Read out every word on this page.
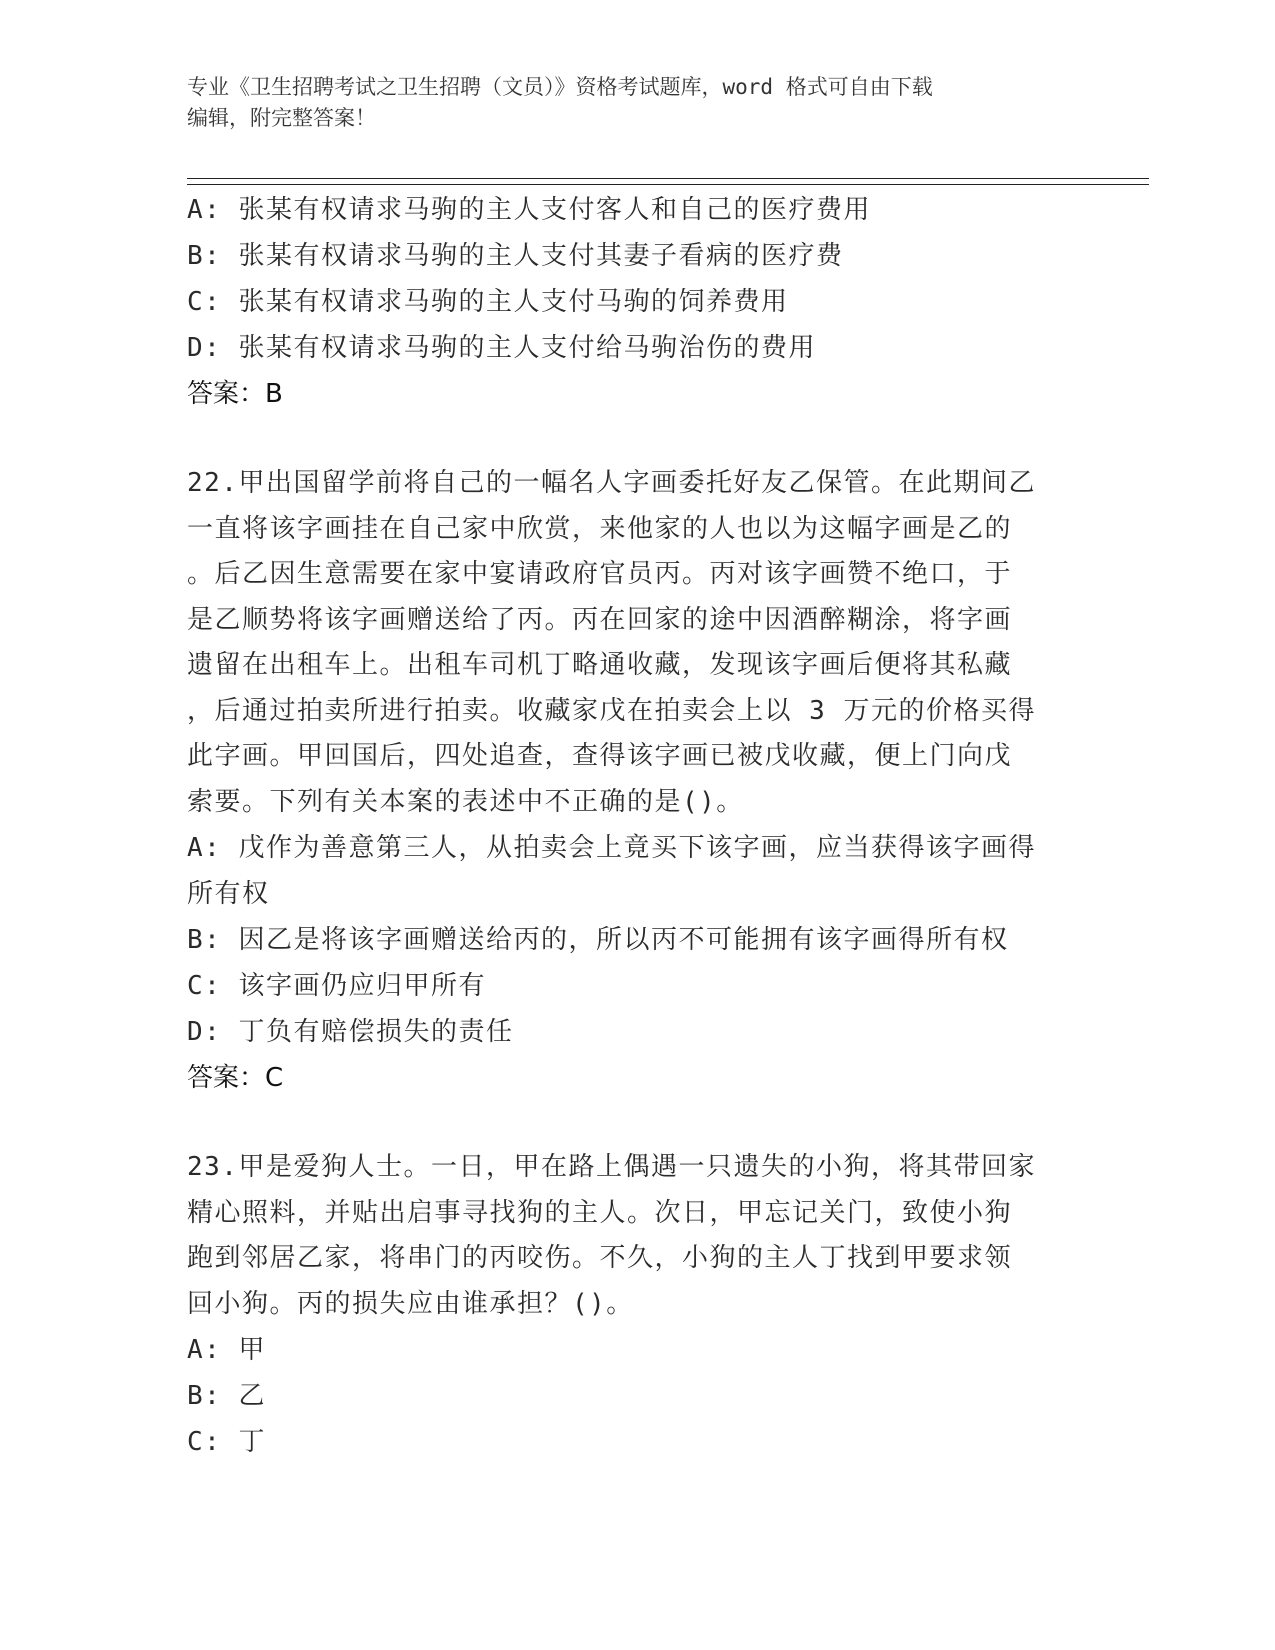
专业《卫生招聘考试之卫生招聘（文员）》资格考试题库，word 格式可自由下载
编辑，附完整答案！
A: 张某有权请求马驹的主人支付客人和自己的医疗费用
B: 张某有权请求马驹的主人支付其妻子看病的医疗费
C: 张某有权请求马驹的主人支付马驹的饲养费用
D: 张某有权请求马驹的主人支付给马驹治伤的费用
答案：B
22.甲出国留学前将自己的一幅名人字画委托好友乙保管。在此期间乙
一直将该字画挂在自己家中欣赏，来他家的人也以为这幅字画是乙的
。后乙因生意需要在家中宴请政府官员丙。丙对该字画赞不绝口，于
是乙顺势将该字画赠送给了丙。丙在回家的途中因酒醉糊涂，将字画
遗留在出租车上。出租车司机丁略通收藏，发现该字画后便将其私藏
，后通过拍卖所进行拍卖。收藏家戊在拍卖会上以 3 万元的价格买得
此字画。甲回国后，四处追查，查得该字画已被戊收藏，便上门向戊
索要。下列有关本案的表述中不正确的是()。
A: 戊作为善意第三人，从拍卖会上竟买下该字画，应当获得该字画得
所有权
B: 因乙是将该字画赠送给丙的，所以丙不可能拥有该字画得所有权
C: 该字画仍应归甲所有
D: 丁负有赔偿损失的责任
答案：C
23.甲是爱狗人士。一日，甲在路上偶遇一只遗失的小狗，将其带回家
精心照料，并贴出启事寻找狗的主人。次日，甲忘记关门，致使小狗
跑到邻居乙家，将串门的丙咬伤。不久，小狗的主人丁找到甲要求领
回小狗。丙的损失应由谁承担？()。
A: 甲
B: 乙
C: 丁
